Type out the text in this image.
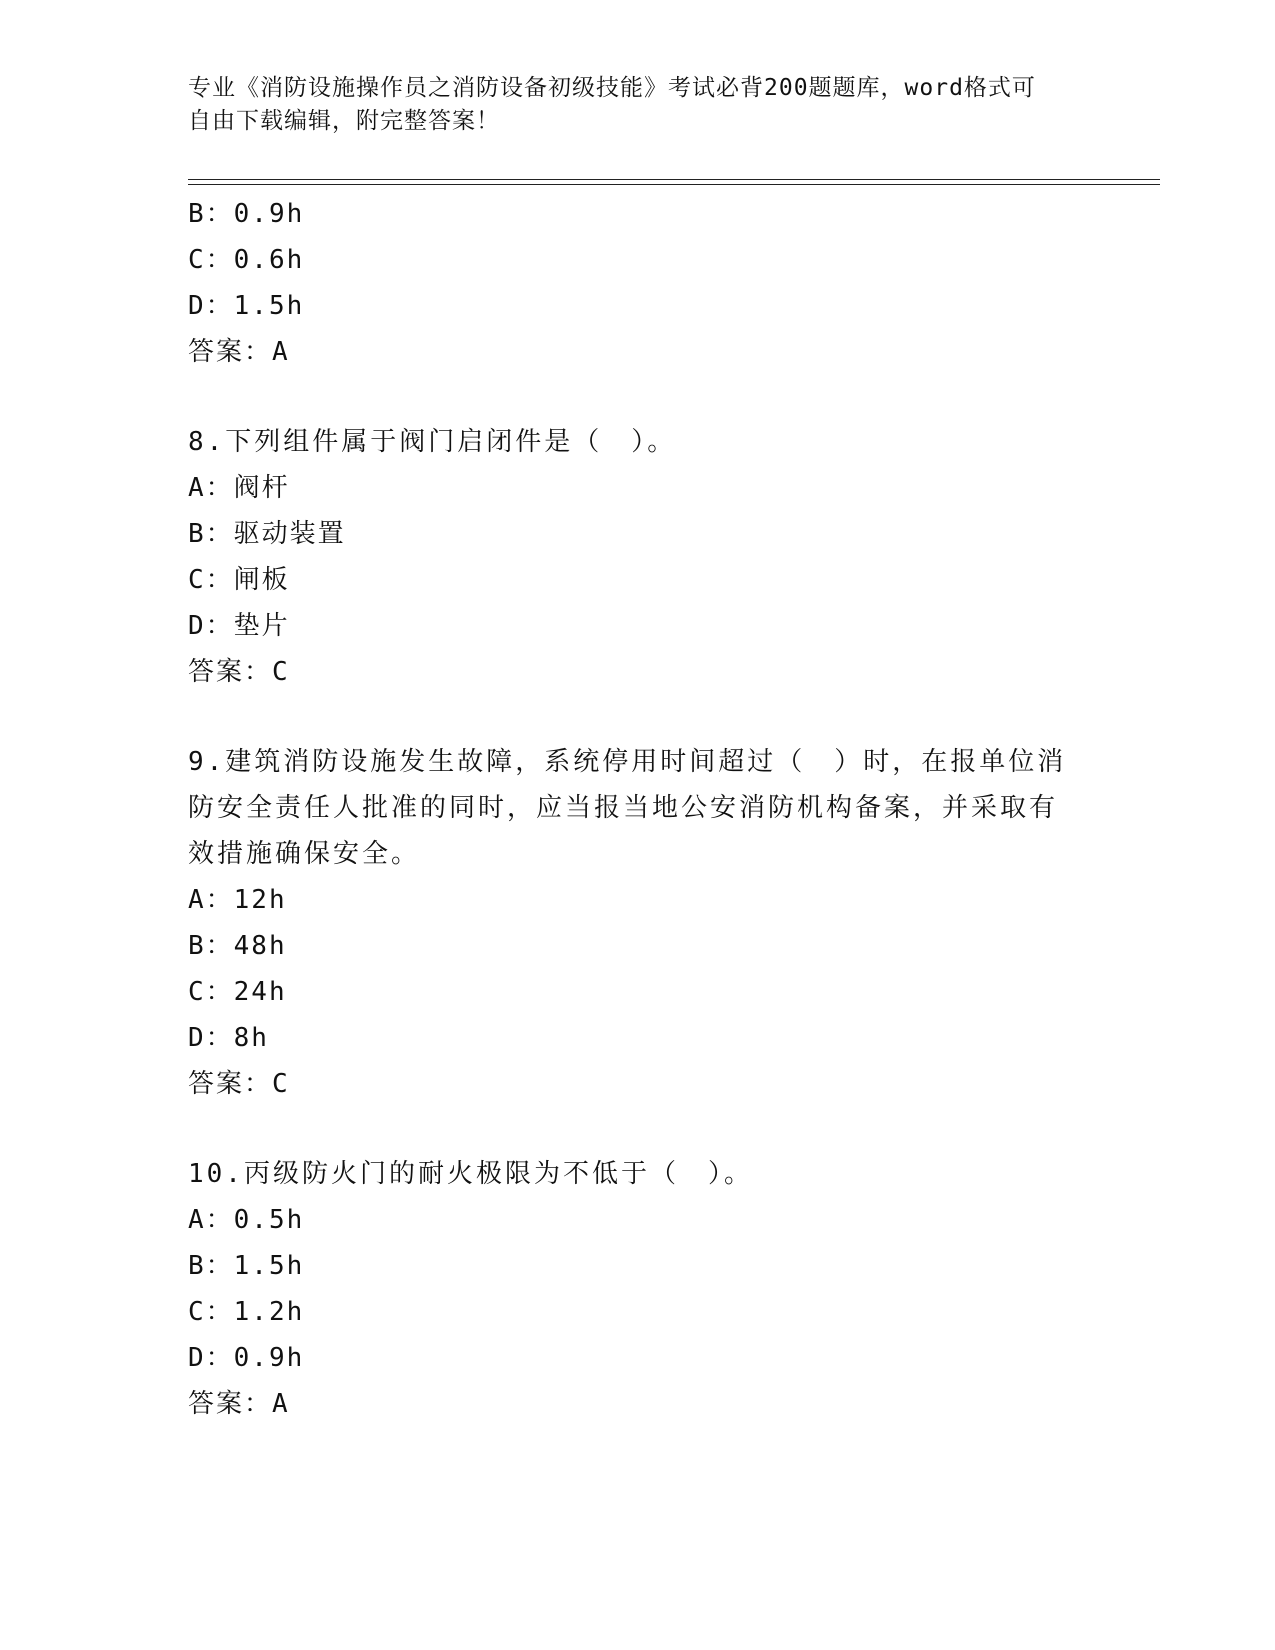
专业《消防设施操作员之消防设备初级技能》考试必背200题题库，word格式可
自由下载编辑，附完整答案！
B：0.9h
C：0.6h
D：1.5h
答案：A
8.下列组件属于阀门启闭件是（　）。
A：阀杆
B：驱动装置
C：闸板
D：垫片
答案：C
9.建筑消防设施发生故障，系统停用时间超过（　）时，在报单位消
防安全责任人批准的同时，应当报当地公安消防机构备案，并采取有
效措施确保安全。
A：12h
B：48h
C：24h
D：8h
答案：C
10.丙级防火门的耐火极限为不低于（　）。
A：0.5h
B：1.5h
C：1.2h
D：0.9h
答案：A
